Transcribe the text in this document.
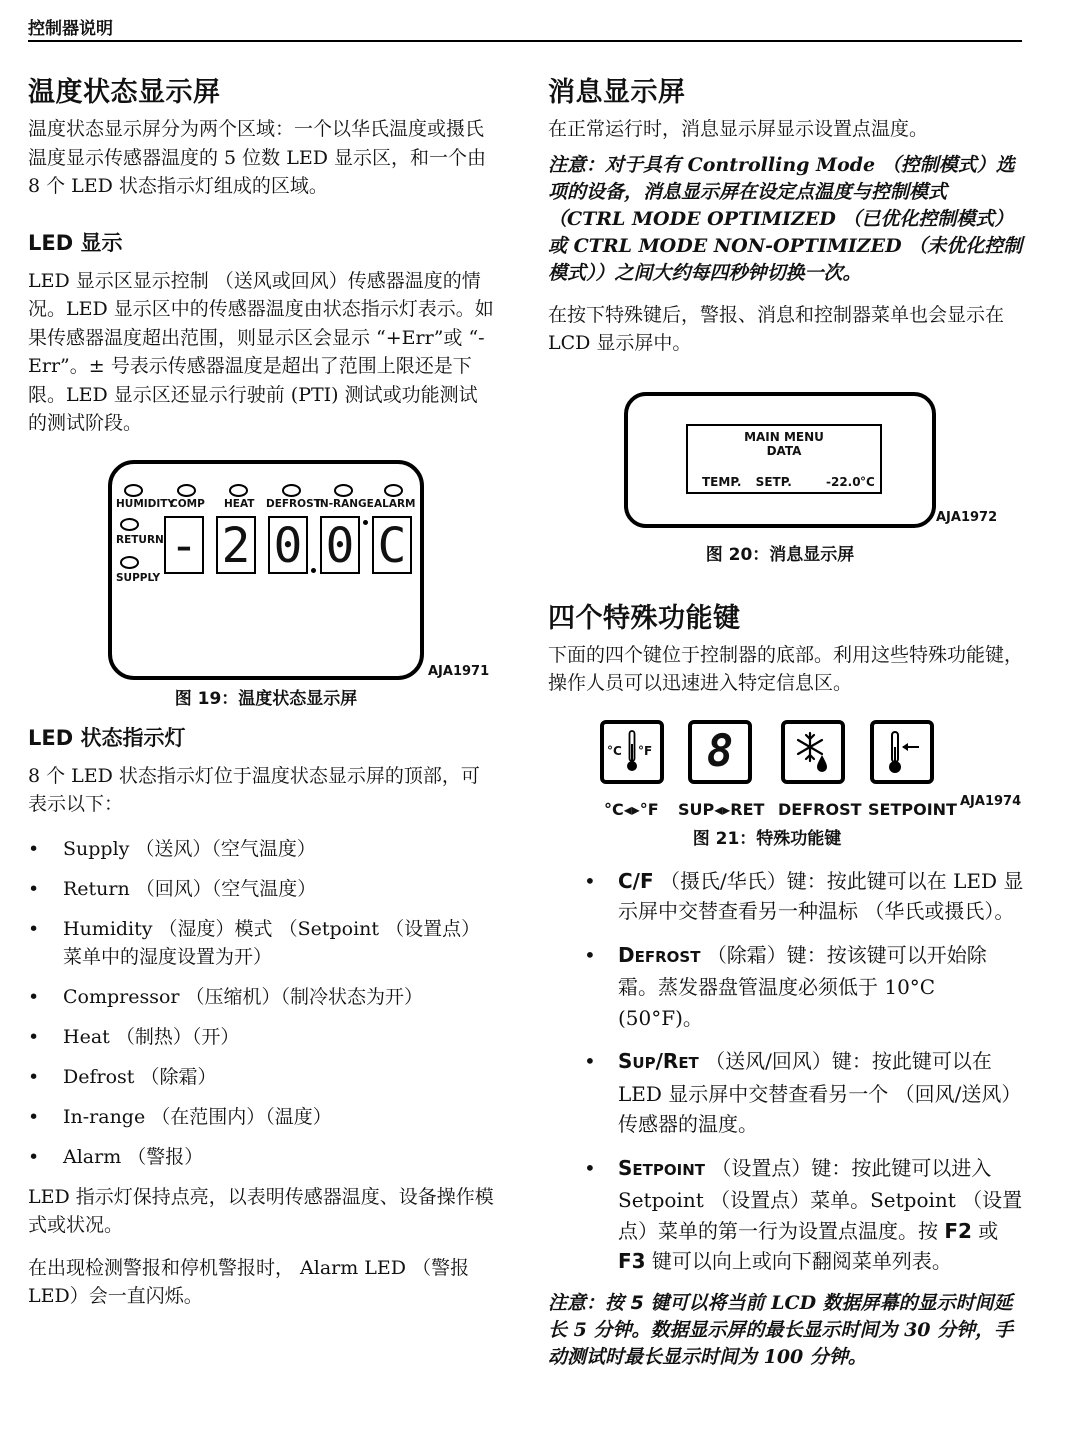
控制器说明
温度状态显示屏

温度状态显示屏分为两个区域：一个以华氏温度或摄氏温度显示传感器温度的 5 位数 LED 显示区，和一个由 8 个 LED 状态指示灯组成的区域。

LED 显示

LED 显示区显示控制 （送风或回风）传感器温度的情况。LED 显示区中的传感器温度由状态指示灯表示。如果传感器温度超出范围，则显示区会显示 “+Err”或 “-Err”。± 号表示传感器温度是超出了范围上限还是下限。LED 显示区还显示行驶前 (PTI) 测试或功能测试的测试阶段。

HUMIDITY
COMP HEAT DEFROST
IN-RANGE ALARM
RETURN
SUPPLY
- 2 0 0 C
AJA1971
图 19：温度状态显示屏
LED 状态指示灯

8 个 LED 状态指示灯位于温度状态显示屏的顶部，可表示以下：

• Supply （送风）（空气温度）
• Return （回风）（空气温度）
• Humidity （湿度）模式 （Setpoint （设置点）菜单中的湿度设置为开）
• Compressor （压缩机）（制冷状态为开）
• Heat （制热）（开）
• Defrost （除霜）
• In-range （在范围内）（温度）
• Alarm （警报）

LED 指示灯保持点亮，以表明传感器温度、设备操作模式或状况。

在出现检测警报和停机警报时， Alarm LED （警报 LED）会一直闪烁。

消息显示屏

在正常运行时，消息显示屏显示设置点温度。

注意：对于具有 Controlling Mode （控制模式）选项的设备，消息显示屏在设定点温度与控制模式 （CTRL MODE OPTIMIZED （已优化控制模式）或 CTRL MODE NON-OPTIMIZED （未优化控制模式））之间大约每四秒钟切换一次。

在按下特殊键后，警报、消息和控制器菜单也会显示在 LCD 显示屏中。

MAIN MENU
DATA
TEMP. SETP.	-22.0 °C
AJA1972
图 20：消息显示屏
四个特殊功能键

下面的四个键位于控制器的底部。利用这些特殊功能键，操作人员可以迅速进入特定信息区。

°C °F	8
°C◂▸°F SUP◂▸RET DEFROST SETPOINT AJA1974
图 21：特殊功能键
• C/F （摄氏/华氏）键：按此键可以在 LED 显示屏中交替查看另一种温标 （华氏或摄氏）。
• DEFROST （除霜）键：按该键可以开始除霜。蒸发器盘管温度必须低于 10°C (50°F)。
• SUP/RET （送风/回风）键：按此键可以在 LED 显示屏中交替查看另一个 （回风/送风）传感器的温度。
• SETPOINT （设置点）键：按此键可以进入 Setpoint （设置点）菜单。Setpoint （设置点）菜单的第一行为设置点温度。按 F2 或 F3 键可以向上或向下翻阅菜单列表。

注意：按 5 键可以将当前 LCD 数据屏幕的显示时间延长 5 分钟。数据显示屏的最长显示时间为 30 分钟，手动测试时最长显示时间为 100 分钟。
